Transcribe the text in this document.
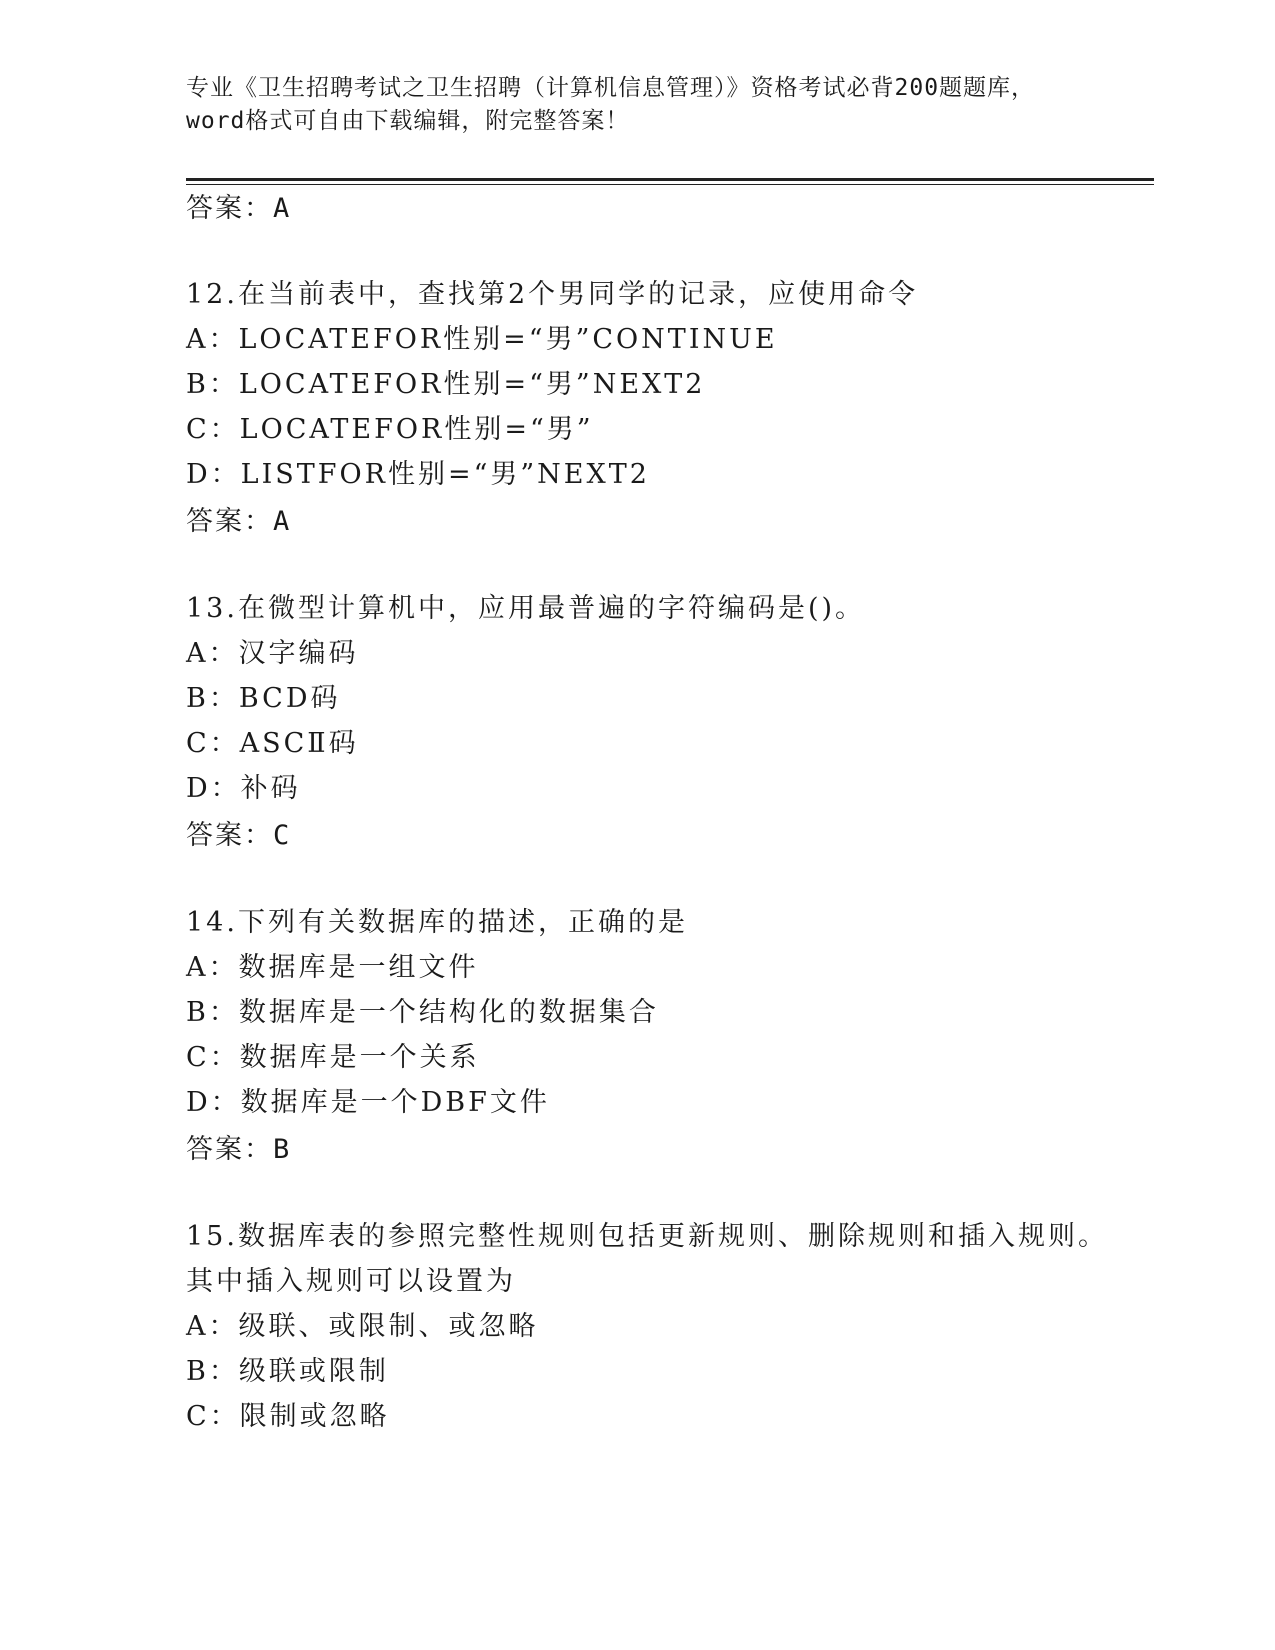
专业《卫生招聘考试之卫生招聘（计算机信息管理）》资格考试必背200题题库，
word格式可自由下载编辑，附完整答案！
答案：A
12.在当前表中，查找第2个男同学的记录，应使用命令
A：LOCATEFOR性别=“男”CONTINUE
B：LOCATEFOR性别=“男”NEXT2
C：LOCATEFOR性别=“男”
D：LISTFOR性别=“男”NEXT2
答案：A
13.在微型计算机中，应用最普遍的字符编码是()。
A：汉字编码
B：BCD码
C：ASCⅡ码
D：补码
答案：C
14.下列有关数据库的描述，正确的是
A：数据库是一组文件
B：数据库是一个结构化的数据集合
C：数据库是一个关系
D：数据库是一个DBF文件
答案：B
15.数据库表的参照完整性规则包括更新规则、删除规则和插入规则。
其中插入规则可以设置为
A：级联、或限制、或忽略
B：级联或限制
C：限制或忽略
